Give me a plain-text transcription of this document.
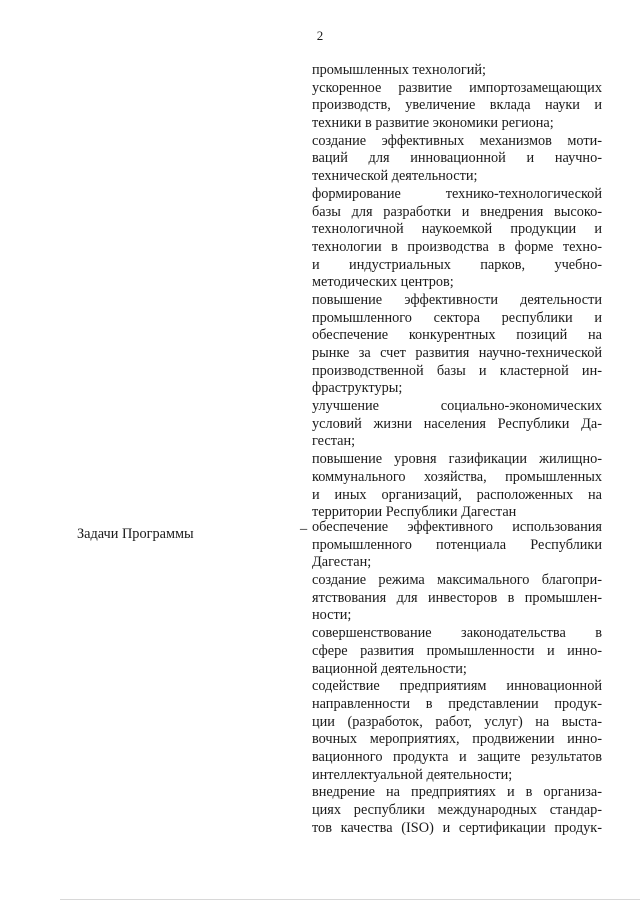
2
промышленных технологий;
ускоренное развитие импортозамещающих
производств, увеличение вклада науки и
техники в развитие экономики региона;
создание эффективных механизмов моти-
ваций для инновационной и научно-
технической деятельности;
формирование технико-технологической
базы для разработки и внедрения высоко-
технологичной наукоемкой продукции и
технологии в производства в форме техно-
и индустриальных парков, учебно-
методических центров;
повышение эффективности деятельности
промышленного сектора республики и
обеспечение конкурентных позиций на
рынке за счет развития научно-технической
производственной базы и кластерной ин-
фраструктуры;
улучшение социально-экономических
условий жизни населения Республики Да-
гестан;
повышение уровня газификации жилищно-
коммунального хозяйства, промышленных
и иных организаций, расположенных на
территории Республики Дагестан
Задачи Программы	– обеспечение эффективного использования
промышленного потенциала Республики
Дагестан;
создание режима максимального благопри-
ятствования для инвесторов в промышлен-
ности;
совершенствование законодательства в
сфере развития промышленности и инно-
вационной деятельности;
содействие предприятиям инновационной
направленности в представлении продук-
ции (разработок, работ, услуг) на выста-
вочных мероприятиях, продвижении инно-
вационного продукта и защите результатов
интеллектуальной деятельности;
внедрение на предприятиях и в организа-
циях республики международных стандар-
тов качества (ISO) и сертификации продук-
